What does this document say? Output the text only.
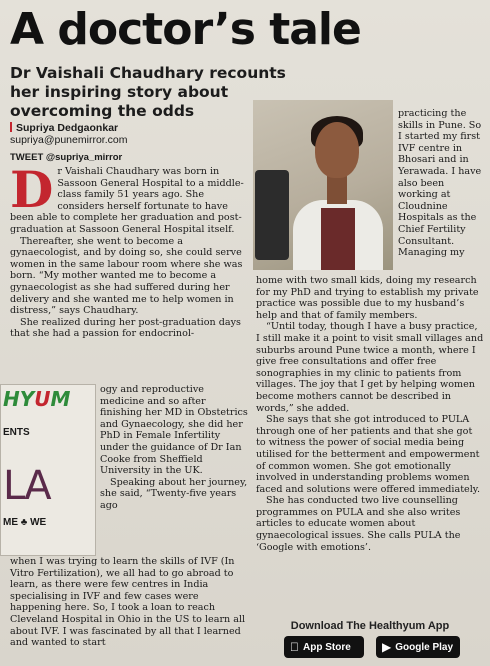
A doctor’s tale
Dr Vaishali Chaudhary recounts her inspiring story about overcoming the odds
Supriya Dedgaonkar
supriya@punemirror.com
TWEET @supriya_mirror

Dr Vaishali Chaudhary was born in Sassoon General Hospital to a middle-class family 51 years ago. She considers herself fortunate to have been able to complete her graduation and post-graduation at Sassoon General Hospital itself.

Thereafter, she went to become a gynaecologist, and by doing so, she could serve women in the same labour room where she was born. “My mother wanted me to become a gynaecologist as she had suffered during her delivery and she wanted me to help women in distress,” says Chaudhary.

She realized during her post-graduation days that she had a passion for endocrinol-

practicing the skills in Pune. So I started my first IVF centre in Bhosari and in Yerawada. I have also been working at Cloudnine Hospitals as the Chief Fertility Consultant. Managing my

home with two small kids, doing my research for my PhD and trying to establish my private practice was possible due to my husband’s help and that of family members.

“Until today, though I have a busy practice, I still make it a point to visit small villages and suburbs around Pune twice a month, where I give free consultations and offer free sonographies in my clinic to patients from villages. The joy that I get by helping women become mothers cannot be described in words,” she added.

She says that she got introduced to PULA through one of her patients and that she got to witness the power of social media being utilised for the betterment and empowerment of common women. She got emotionally involved in understanding problems women faced and solutions were offered immediately.

She has conducted two live counselling programmes on PULA and she also writes articles to educate women about gynaecological issues. She calls PULA the ‘Google with emotions’.

HYUM
ENTS
LA
ME ♣ WE

ogy and reproductive medicine and so after finishing her MD in Obstetrics and Gynaecology, she did her PhD in Female Infertility under the guidance of Dr Ian Cooke from Sheffield University in the UK.

Speaking about her journey, she said, “Twenty-five years ago

when I was trying to learn the skills of IVF (In Vitro Fertilization), we all had to go abroad to learn, as there were few centres in India specialising in IVF and few cases were happening here. So, I took a loan to reach Cleveland Hospital in Ohio in the US to learn all about IVF. I was fascinated by all that I learned and wanted to start

Download The Healthyum App
App Store	▶ Google Play
